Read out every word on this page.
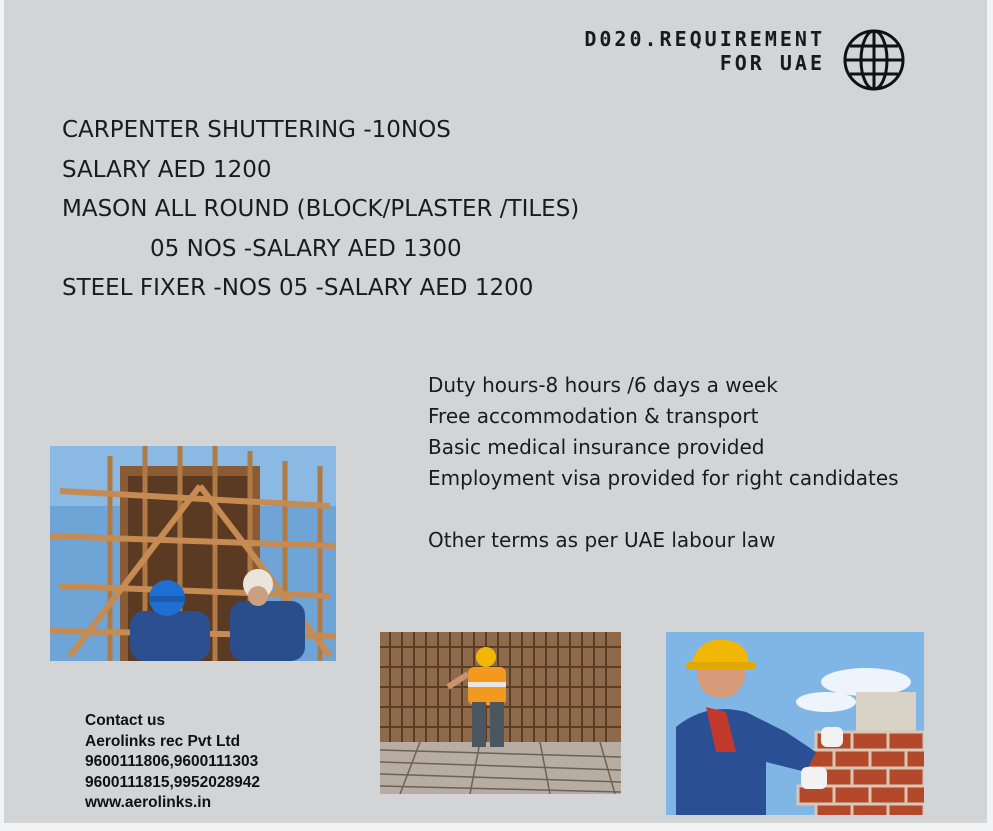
D020.REQUIREMENT
FOR UAE
CARPENTER SHUTTERING -10NOS
SALARY AED 1200
MASON ALL ROUND (BLOCK/PLASTER /TILES)
05 NOS -SALARY AED 1300
STEEL FIXER -NOS 05 -SALARY AED 1200
Duty hours-8 hours /6 days a week
Free accommodation & transport
Basic medical insurance provided
Employment visa provided for right candidates
Other terms as per UAE labour law
Contact us
Aerolinks rec Pvt Ltd
9600111806,9600111303
9600111815,9952028942
www.aerolinks.in
